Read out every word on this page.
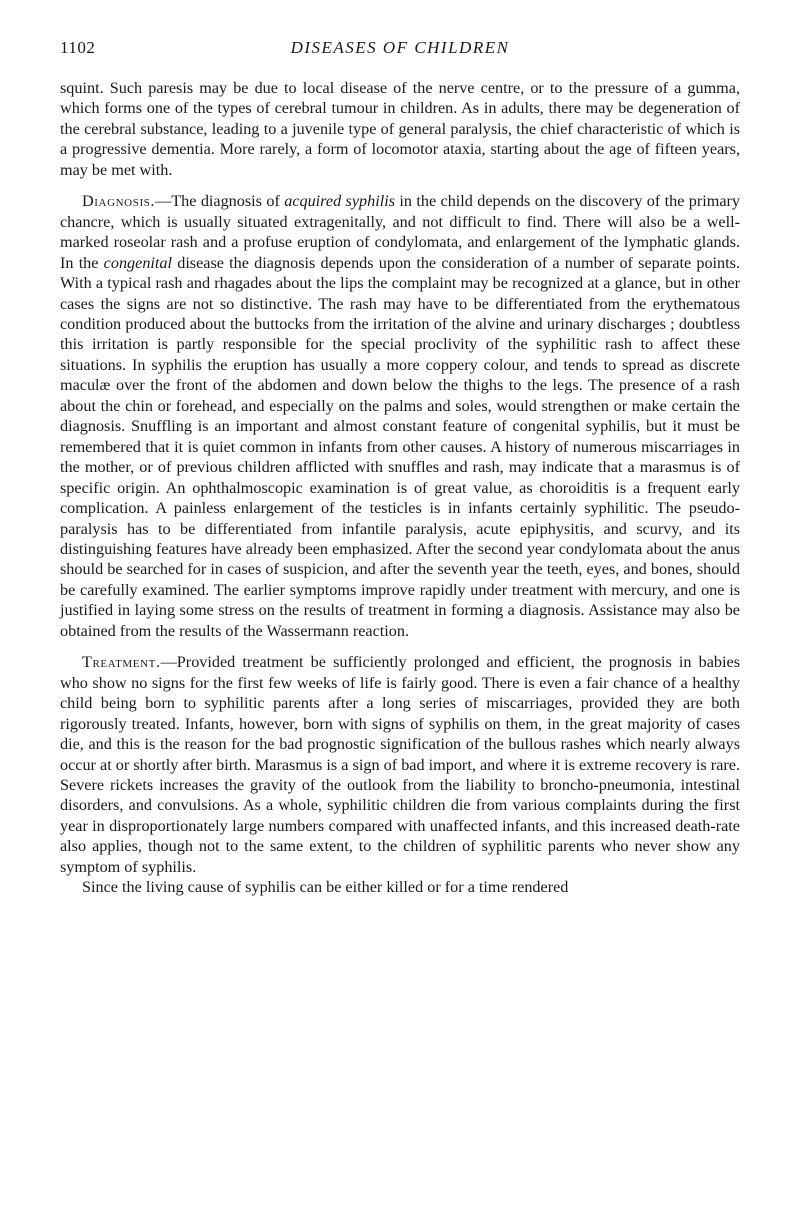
1102	DISEASES OF CHILDREN

squint. Such paresis may be due to local disease of the nerve centre, or to the pressure of a gumma, which forms one of the types of cerebral tumour in children. As in adults, there may be degeneration of the cerebral substance, leading to a juvenile type of general paralysis, the chief characteristic of which is a progressive dementia. More rarely, a form of locomotor ataxia, starting about the age of fifteen years, may be met with.

Diagnosis.—The diagnosis of acquired syphilis in the child depends on the discovery of the primary chancre, which is usually situated extragenitally, and not difficult to find. There will also be a well-marked roseolar rash and a profuse eruption of condylomata, and enlargement of the lymphatic glands. In the congenital disease the diagnosis depends upon the consideration of a number of separate points. With a typical rash and rhagades about the lips the complaint may be recognized at a glance, but in other cases the signs are not so distinctive. The rash may have to be differentiated from the erythematous condition produced about the buttocks from the irritation of the alvine and urinary discharges ; doubtless this irritation is partly responsible for the special proclivity of the syphilitic rash to affect these situations. In syphilis the eruption has usually a more coppery colour, and tends to spread as discrete maculæ over the front of the abdomen and down below the thighs to the legs. The presence of a rash about the chin or forehead, and especially on the palms and soles, would strengthen or make certain the diagnosis. Snuffling is an important and almost constant feature of congenital syphilis, but it must be remembered that it is quiet common in infants from other causes. A history of numerous miscarriages in the mother, or of previous children afflicted with snuffles and rash, may indicate that a marasmus is of specific origin. An ophthalmoscopic examination is of great value, as choroiditis is a frequent early complication. A painless enlargement of the testicles is in infants certainly syphilitic. The pseudo-paralysis has to be differentiated from infantile paralysis, acute epiphysitis, and scurvy, and its distinguishing features have already been emphasized. After the second year condylomata about the anus should be searched for in cases of suspicion, and after the seventh year the teeth, eyes, and bones, should be carefully examined. The earlier symptoms improve rapidly under treatment with mercury, and one is justified in laying some stress on the results of treatment in forming a diagnosis. Assistance may also be obtained from the results of the Wassermann reaction.

Treatment.—Provided treatment be sufficiently prolonged and efficient, the prognosis in babies who show no signs for the first few weeks of life is fairly good. There is even a fair chance of a healthy child being born to syphilitic parents after a long series of miscarriages, provided they are both rigorously treated. Infants, however, born with signs of syphilis on them, in the great majority of cases die, and this is the reason for the bad prognostic signification of the bullous rashes which nearly always occur at or shortly after birth. Marasmus is a sign of bad import, and where it is extreme recovery is rare. Severe rickets increases the gravity of the outlook from the liability to broncho-pneumonia, intestinal disorders, and convulsions. As a whole, syphilitic children die from various complaints during the first year in disproportionately large numbers compared with unaffected infants, and this increased death-rate also applies, though not to the same extent, to the children of syphilitic parents who never show any symptom of syphilis.

Since the living cause of syphilis can be either killed or for a time rendered
